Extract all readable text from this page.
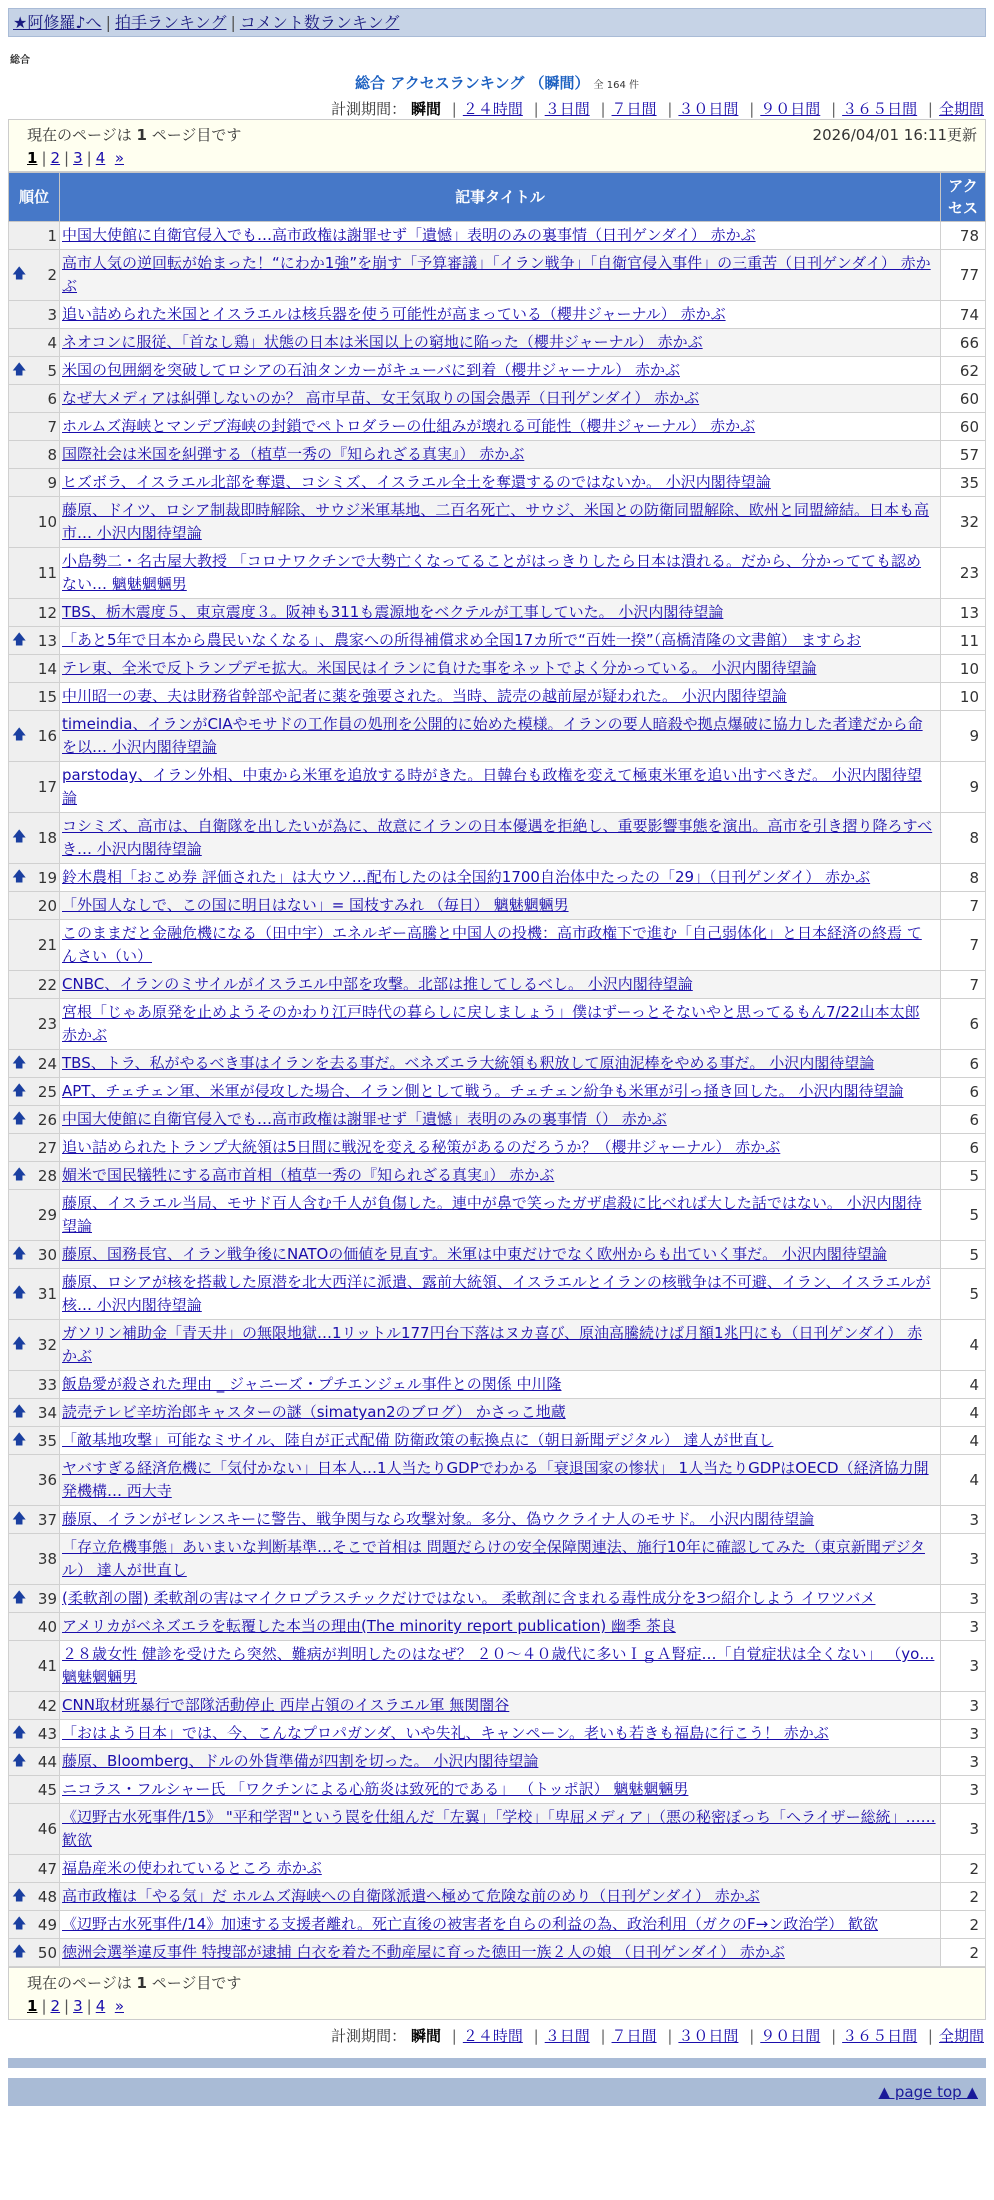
★阿修羅♪へ | 拍手ランキング | コメント数ランキング
総合
総合 アクセスランキング （瞬間） 全 164 件
計測期間： 瞬間 | ２４時間 | ３日間 | ７日間 | ３０日間 | ９０日間 | ３６５日間 | 全期間
現在のページは 1 ページ目です	2026/04/01 16:11更新
1 | 2 | 3 | 4 »
順位	記事タイトル	アクセス
1	中国大使館に自衛官侵入でも…高市政権は謝罪せず「遺憾」表明のみの裏事情（日刊ゲンダイ） 赤かぶ	78

🡅 2	高市人気の逆回転が始まった！“にわか1強”を崩す「予算審議」「イラン戦争」「自衛官侵入事件」の三重苦（日刊ゲンダイ） 赤かぶ	77
3	追い詰められた米国とイスラエルは核兵器を使う可能性が高まっている（櫻井ジャーナル） 赤かぶ	74
4	ネオコンに服従、「首なし鶏」状態の日本は米国以上の窮地に陥った（櫻井ジャーナル） 赤かぶ	66

🡅 5	米国の包囲網を突破してロシアの石油タンカーがキューバに到着（櫻井ジャーナル） 赤かぶ	62
6	なぜ大メディアは糾弾しないのか？ 高市早苗、女王気取りの国会愚弄（日刊ゲンダイ） 赤かぶ	60
7	ホルムズ海峡とマンデブ海峡の封鎖でペトロダラーの仕組みが壊れる可能性（櫻井ジャーナル） 赤かぶ	60
8	国際社会は米国を糾弾する（植草一秀の『知られざる真実』） 赤かぶ	57
9	ヒズボラ、イスラエル北部を奪還、コシミズ、イスラエル全土を奪還するのではないか。 小沢内閣待望論	35
10	藤原、ドイツ、ロシア制裁即時解除、サウジ米軍基地、二百名死亡、サウジ、米国との防衛同盟解除、欧州と同盟締結。日本も高市… 小沢内閣待望論	32
11	小島勢二・名古屋大教授 「コロナワクチンで大勢亡くなってることがはっきりしたら日本は潰れる。だから、分かってても認めない… 魑魅魍魎男	23
12	TBS、栃木震度５、東京震度３。阪神も311も震源地をベクテルが工事していた。 小沢内閣待望論	13

🡅 13	「あと5年で日本から農民いなくなる」、農家への所得補償求め全国17カ所で“百姓一揆”（高橋清隆の文書館） ますらお	11
14	テレ東、全米で反トランプデモ拡大。米国民はイランに負けた事をネットでよく分かっている。 小沢内閣待望論	10
15	中川昭一の妻、夫は財務省幹部や記者に薬を強要された。当時、読売の越前屋が疑われた。 小沢内閣待望論	10

🡅 16	timeindia、イランがCIAやモサドの工作員の処刑を公開的に始めた模様。イランの要人暗殺や拠点爆破に協力した者達だから命を以… 小沢内閣待望論	9
17	parstoday、イラン外相、中東から米軍を追放する時がきた。日韓台も政権を変えて極東米軍を追い出すべきだ。 小沢内閣待望論	9

🡅 18	コシミズ、高市は、自衛隊を出したいが為に、故意にイランの日本優遇を拒絶し、重要影響事態を演出。高市を引き摺り降ろすべき… 小沢内閣待望論	8

🡅 19	鈴木農相「おこめ券 評価された」は大ウソ…配布したのは全国約1700自治体中たったの「29」（日刊ゲンダイ） 赤かぶ	8
20	「外国人なしで、この国に明日はない」= 国枝すみれ （毎日） 魑魅魍魎男	7
21	このままだと金融危機になる（田中宇）エネルギー高騰と中国人の投機：高市政権下で進む「自己弱体化」と日本経済の終焉 てんさい（い）	7
22	CNBC、イランのミサイルがイスラエル中部を攻撃。北部は推してしるべし。 小沢内閣待望論	7
23	宮根「じゃあ原発を止めようそのかわり江戸時代の暮らしに戻しましょう」僕はずーっとそないやと思ってるもん7/22山本太郎 赤かぶ	6

🡅 24	TBS、トラ、私がやるべき事はイランを去る事だ。ベネズエラ大統領も釈放して原油泥棒をやめる事だ。 小沢内閣待望論	6

🡅 25	APT、チェチェン軍、米軍が侵攻した場合、イラン側として戦う。チェチェン紛争も米軍が引っ掻き回した。 小沢内閣待望論	6

🡅 26	中国大使館に自衛官侵入でも…高市政権は謝罪せず「遺憾」表明のみの裏事情（） 赤かぶ	6
27	追い詰められたトランプ大統領は5日間に戦況を変える秘策があるのだろうか？（櫻井ジャーナル） 赤かぶ	6

🡅 28	媚米で国民犠牲にする高市首相（植草一秀の『知られざる真実』） 赤かぶ	5
29	藤原、イスラエル当局、モサド百人含む千人が負傷した。連中が鼻で笑ったガザ虐殺に比べれば大した話ではない。 小沢内閣待望論	5

🡅 30	藤原、国務長官、イラン戦争後にNATOの価値を見直す。米軍は中東だけでなく欧州からも出ていく事だ。 小沢内閣待望論	5

🡅 31	藤原、ロシアが核を搭載した原潜を北大西洋に派遣、露前大統領、イスラエルとイランの核戦争は不可避、イラン、イスラエルが核… 小沢内閣待望論	5

🡅 32	ガソリン補助金「青天井」の無限地獄…1リットル177円台下落はヌカ喜び、原油高騰続けば月額1兆円にも（日刊ゲンダイ） 赤かぶ	4
33	飯島愛が殺された理由 _ ジャニーズ・プチエンジェル事件との関係 中川隆	4

🡅 34	読売テレビ辛坊治郎キャスターの謎（simatyan2のブログ） かさっこ地蔵	4

🡅 35	「敵基地攻撃」可能なミサイル、陸自が正式配備 防衛政策の転換点に（朝日新聞デジタル） 達人が世直し	4
36	ヤバすぎる経済危機に「気付かない」日本人…1人当たりGDPでわかる「衰退国家の惨状」 1人当たりGDPはOECD（経済協力開発機構… 西大寺	4

🡅 37	藤原、イランがゼレンスキーに警告、戦争関与なら攻撃対象。多分、偽ウクライナ人のモサド。 小沢内閣待望論	3
38	「存立危機事態」あいまいな判断基準…そこで首相は 問題だらけの安全保障関連法、施行10年に確認してみた（東京新聞デジタル） 達人が世直し	3

🡅 39	(柔軟剤の闇) 柔軟剤の害はマイクロプラスチックだけではない。 柔軟剤に含まれる毒性成分を3つ紹介しよう イワツバメ	3
40	アメリカがベネズエラを転覆した本当の理由(The minority report publication) 幽季 茶良	3
41	２８歳女性 健診を受けたら突然、難病が判明したのはなぜ？ ２０～４０歳代に多いＩｇＡ腎症…「自覚症状は全くない」 （yo… 魑魅魍魎男	3
42	CNN取材班暴行で部隊活動停止 西岸占領のイスラエル軍 無関闇谷	3

🡅 43	「おはよう日本」では、今、こんなプロパガンダ、いや失礼、キャンペーン。老いも若きも福島に行こう！ 赤かぶ	3

🡅 44	藤原、Bloomberg、ドルの外貨準備が四割を切った。 小沢内閣待望論	3
45	ニコラス・フルシャー氏 「ワクチンによる心筋炎は致死的である」 （トッポ訳） 魑魅魍魎男	3
46	《辺野古水死事件/15》 "平和学習"という罠を仕組んだ「左翼」「学校」「卑屈メディア」（悪の秘密ぼっち「ヘライザー総統」…… 歓欲	3
47	福島産米の使われているところ 赤かぶ	2

🡅 48	高市政権は「やる気」だ ホルムズ海峡への自衛隊派遣へ極めて危険な前のめり（日刊ゲンダイ） 赤かぶ	2

🡅 49	《辺野古水死事件/14》加速する支援者離れ。死亡直後の被害者を自らの利益の為、政治利用（ガクのF→ン政治学） 歓欲	2

🡅 50	徳洲会選挙違反事件 特捜部が逮捕 白衣を着た不動産屋に育った徳田一族２人の娘 （日刊ゲンダイ） 赤かぶ	2
現在のページは 1 ページ目です
1 | 2 | 3 | 4 »
計測期間： 瞬間 | ２４時間 | ３日間 | ７日間 | ３０日間 | ９０日間 | ３６５日間 | 全期間
▲ page top ▲
